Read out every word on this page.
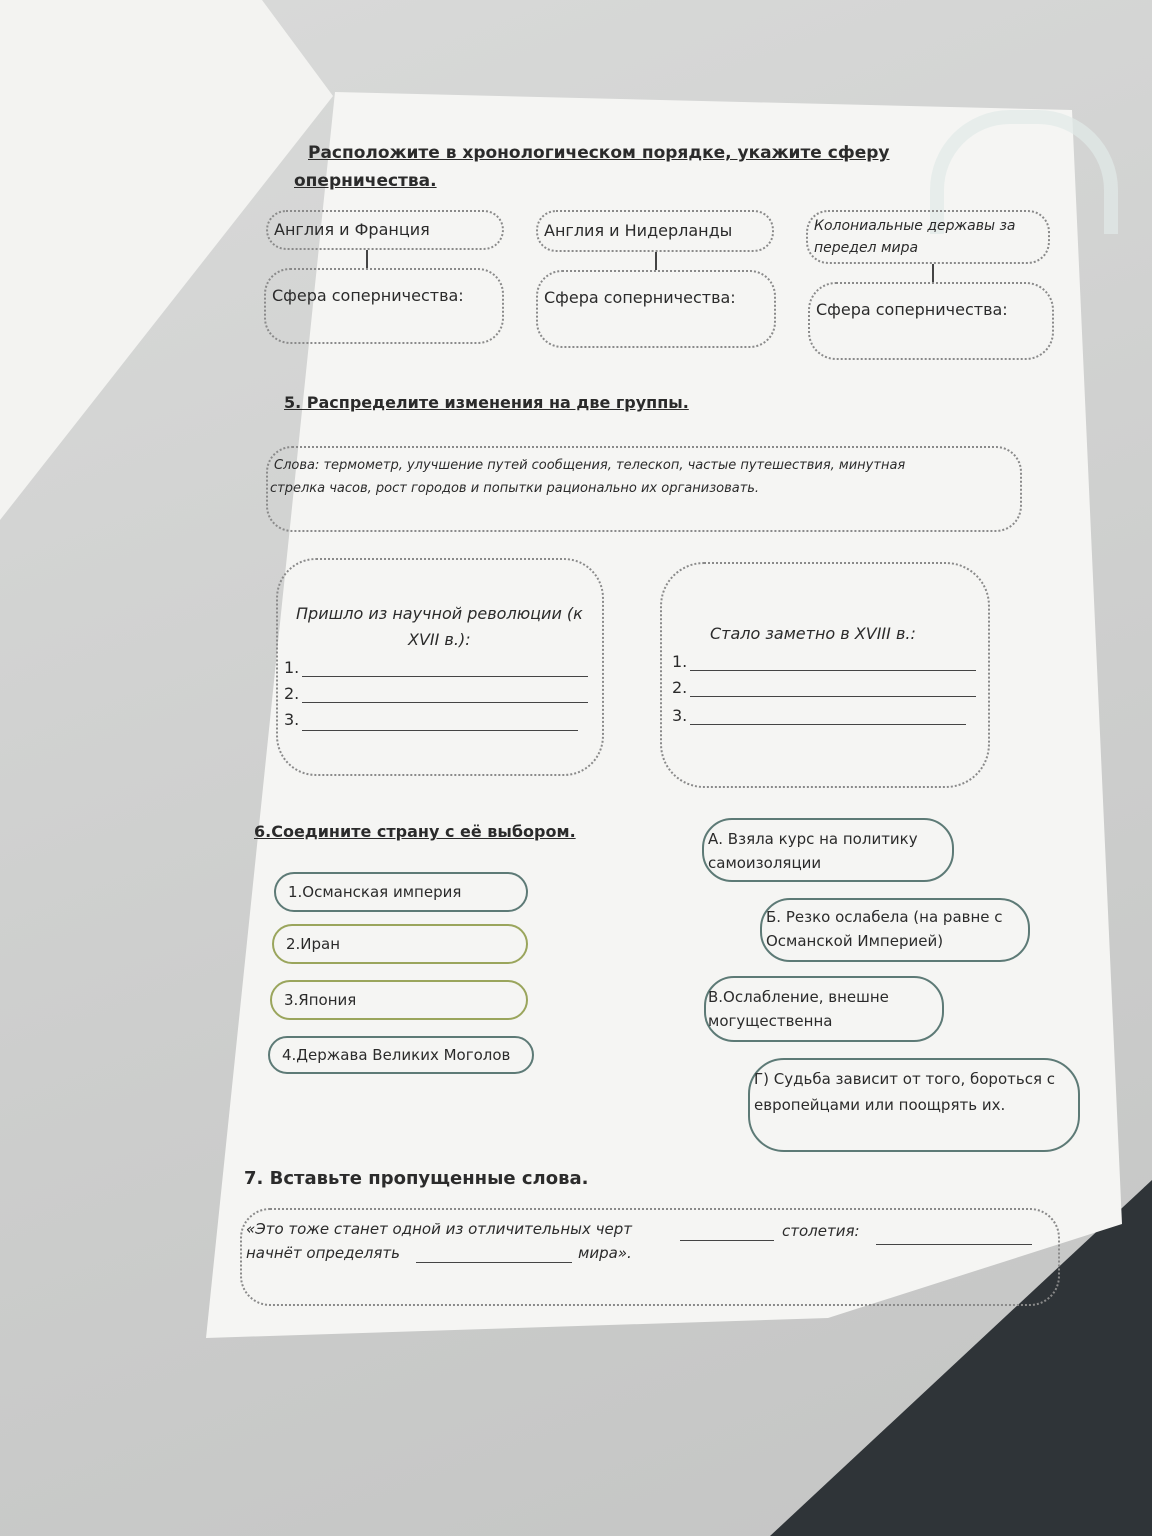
Расположите в хронологическом порядке, укажите сферу
оперничества.
Англия и Франция
Сфера соперничества:
Англия и Нидерланды
Сфера соперничества:
Колониальные державы за
передел мира
Сфера соперничества:
5. Распределите изменения на две группы.
Слова: термометр, улучшение путей сообщения, телескоп, частые путешествия, минутная
стрелка часов, рост городов и попытки рационально их организовать.
Пришло из научной революции (к
XVII в.):
1.
2.
3.
Стало заметно в XVIII в.:
1.
2.
3.
6.Соедините страну с её выбором.
1.Османская империя
2.Иран
3.Япония
4.Держава Великих Моголов
А. Взяла курс на политику
самоизоляции
Б. Резко ослабела (на равне с
Османской Империей)
В.Ослабление, внешне
могущественна
Г) Судьба зависит от того, бороться с
европейцами или поощрять их.
7. Вставьте пропущенные слова.
«Это тоже станет одной из отличительных черт	столетия:
начнёт определять	мира».
